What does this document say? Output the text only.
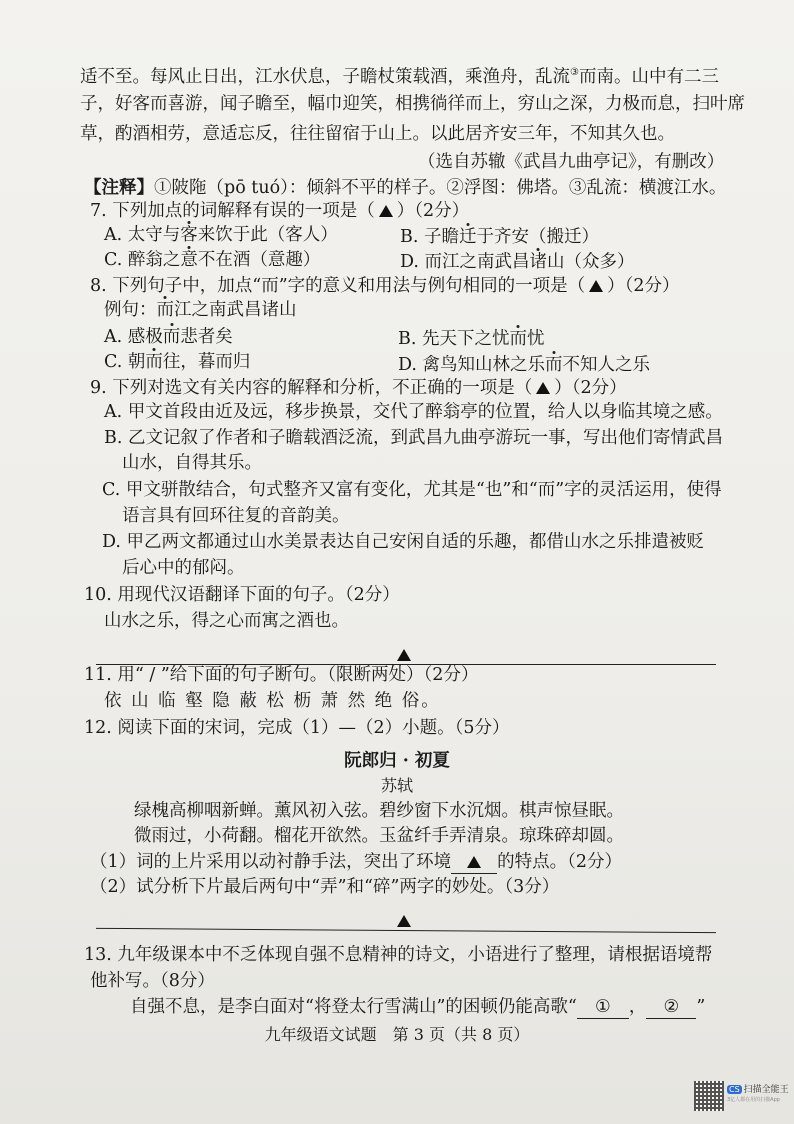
适不至。每风止日出，江水伏息，子瞻杖策载酒，乘渔舟，乱流③而南。山中有二三
子，好客而喜游，闻子瞻至，幅巾迎笑，相携徜徉而上，穷山之深，力极而息，扫叶席
草，酌酒相劳，意适忘反，往往留宿于山上。以此居齐安三年，不知其久也。
（选自苏辙《武昌九曲亭记》，有删改）
【注释】①陂陁（pō tuó）：倾斜不平的样子。②浮图：佛塔。③乱流：横渡江水。
7. 下列加点的词解释有误的一项是（ ）（2分）
A. 太守与客来饮于此（客人）	B. 子瞻迁于齐安（搬迁）
C. 醉翁之意不在酒（意趣）	D. 而江之南武昌诸山（众多）
8. 下列句子中，加点“而”字的意义和用法与例句相同的一项是（ ）（2分）
例句：而江之南武昌诸山
A. 感极而悲者矣	B. 先天下之忧而忧
C. 朝而往，暮而归	D. 禽鸟知山林之乐而不知人之乐
9. 下列对选文有关内容的解释和分析，不正确的一项是（ ）（2分）
A. 甲文首段由近及远，移步换景，交代了醉翁亭的位置，给人以身临其境之感。
B. 乙文记叙了作者和子瞻载酒泛流，到武昌九曲亭游玩一事，写出他们寄情武昌
山水，自得其乐。
C. 甲文骈散结合，句式整齐又富有变化，尤其是“也”和“而”字的灵活运用，使得
语言具有回环往复的音韵美。
D. 甲乙两文都通过山水美景表达自己安闲自适的乐趣，都借山水之乐排遣被贬
后心中的郁闷。
10. 用现代汉语翻译下面的句子。（2分）
山水之乐，得之心而寓之酒也。
11. 用“ / ”给下面的句子断句。（限断两处）（2分）
依 山 临 壑 隐 蔽 松 枥 萧 然 绝 俗。
12. 阅读下面的宋词，完成（1）—（2）小题。（5分）
阮郎归 · 初夏
苏轼
绿槐高柳咽新蝉。薰风初入弦。碧纱窗下水沉烟。棋声惊昼眠。
微雨过，小荷翻。榴花开欲然。玉盆纤手弄清泉。琼珠碎却圆。
（1）词的上片采用以动衬静手法，突出了环境	的特点。（2分）
（2）试分析下片最后两句中“弄”和“碎”两字的妙处。（3分）
13. 九年级课本中不乏体现自强不息精神的诗文，小语进行了整理，请根据语境帮
他补写。（8分）
自强不息，是李白面对“将登太行雪满山”的困顿仍能高歌“ ① ， ② ”
九年级语文试题　第 3 页（共 8 页）
CS 扫描全能王
3亿人都在用的扫描App
